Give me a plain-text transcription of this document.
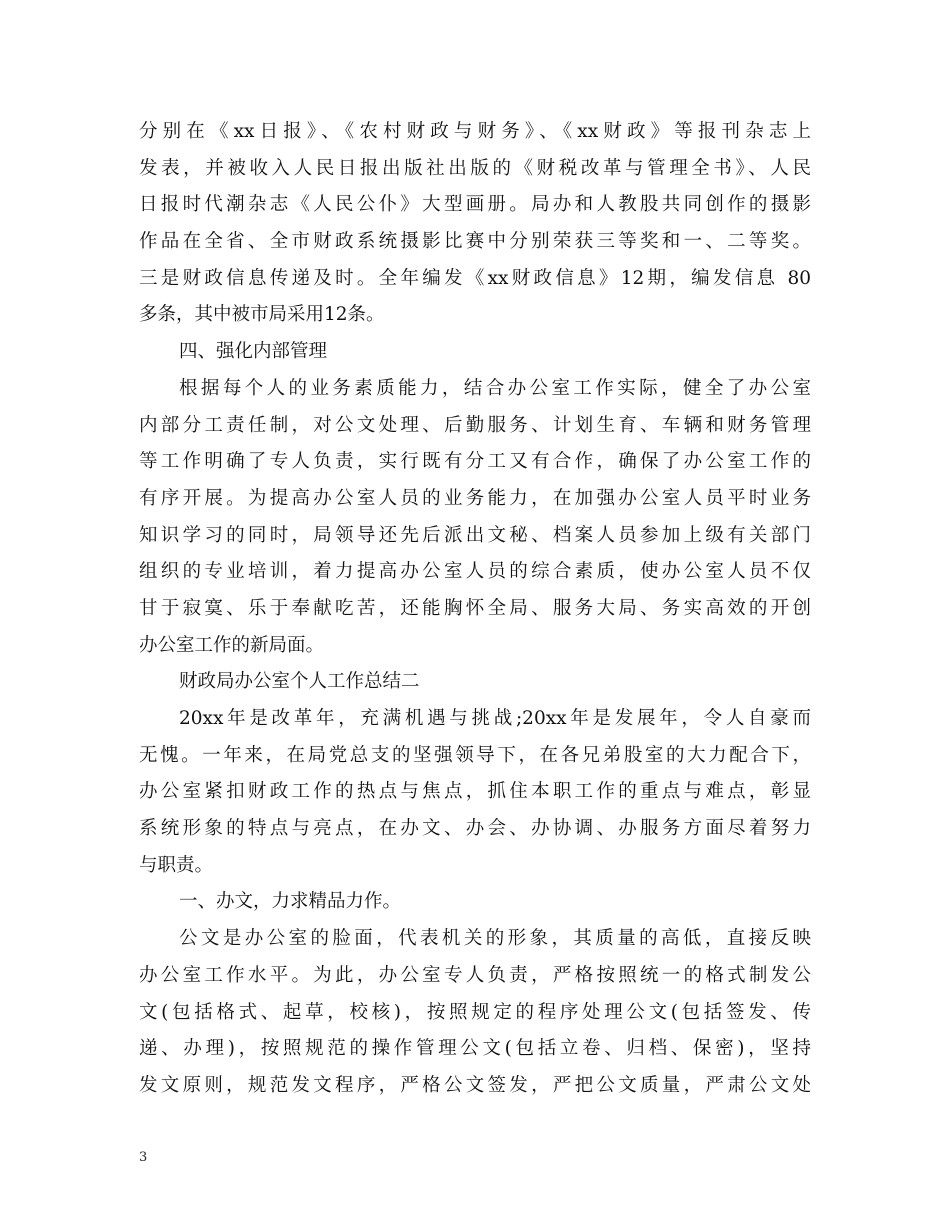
分别在《xx日报》、《农村财政与财务》、《xx财政》等报刊杂志上
发表，并被收入人民日报出版社出版的《财税改革与管理全书》、人民
日报时代潮杂志《人民公仆》大型画册。局办和人教股共同创作的摄影
作品在全省、全市财政系统摄影比赛中分别荣获三等奖和一、二等奖。
三是财政信息传递及时。全年编发《xx财政信息》12期，编发信息 80
多条，其中被市局采用12条。
四、强化内部管理
根据每个人的业务素质能力，结合办公室工作实际，健全了办公室
内部分工责任制，对公文处理、后勤服务、计划生育、车辆和财务管理
等工作明确了专人负责，实行既有分工又有合作，确保了办公室工作的
有序开展。为提高办公室人员的业务能力，在加强办公室人员平时业务
知识学习的同时，局领导还先后派出文秘、档案人员参加上级有关部门
组织的专业培训，着力提高办公室人员的综合素质，使办公室人员不仅
甘于寂寞、乐于奉献吃苦，还能胸怀全局、服务大局、务实高效的开创
办公室工作的新局面。
财政局办公室个人工作总结二
20xx年是改革年，充满机遇与挑战;20xx年是发展年，令人自豪而
无愧。一年来，在局党总支的坚强领导下，在各兄弟股室的大力配合下，
办公室紧扣财政工作的热点与焦点，抓住本职工作的重点与难点，彰显
系统形象的特点与亮点，在办文、办会、办协调、办服务方面尽着努力
与职责。
一、办文，力求精品力作。
公文是办公室的脸面，代表机关的形象，其质量的高低，直接反映
办公室工作水平。为此，办公室专人负责，严格按照统一的格式制发公
文(包括格式、起草，校核)，按照规定的程序处理公文(包括签发、传
递、办理)，按照规范的操作管理公文(包括立卷、归档、保密)，坚持
发文原则，规范发文程序，严格公文签发，严把公文质量，严肃公文处
3
